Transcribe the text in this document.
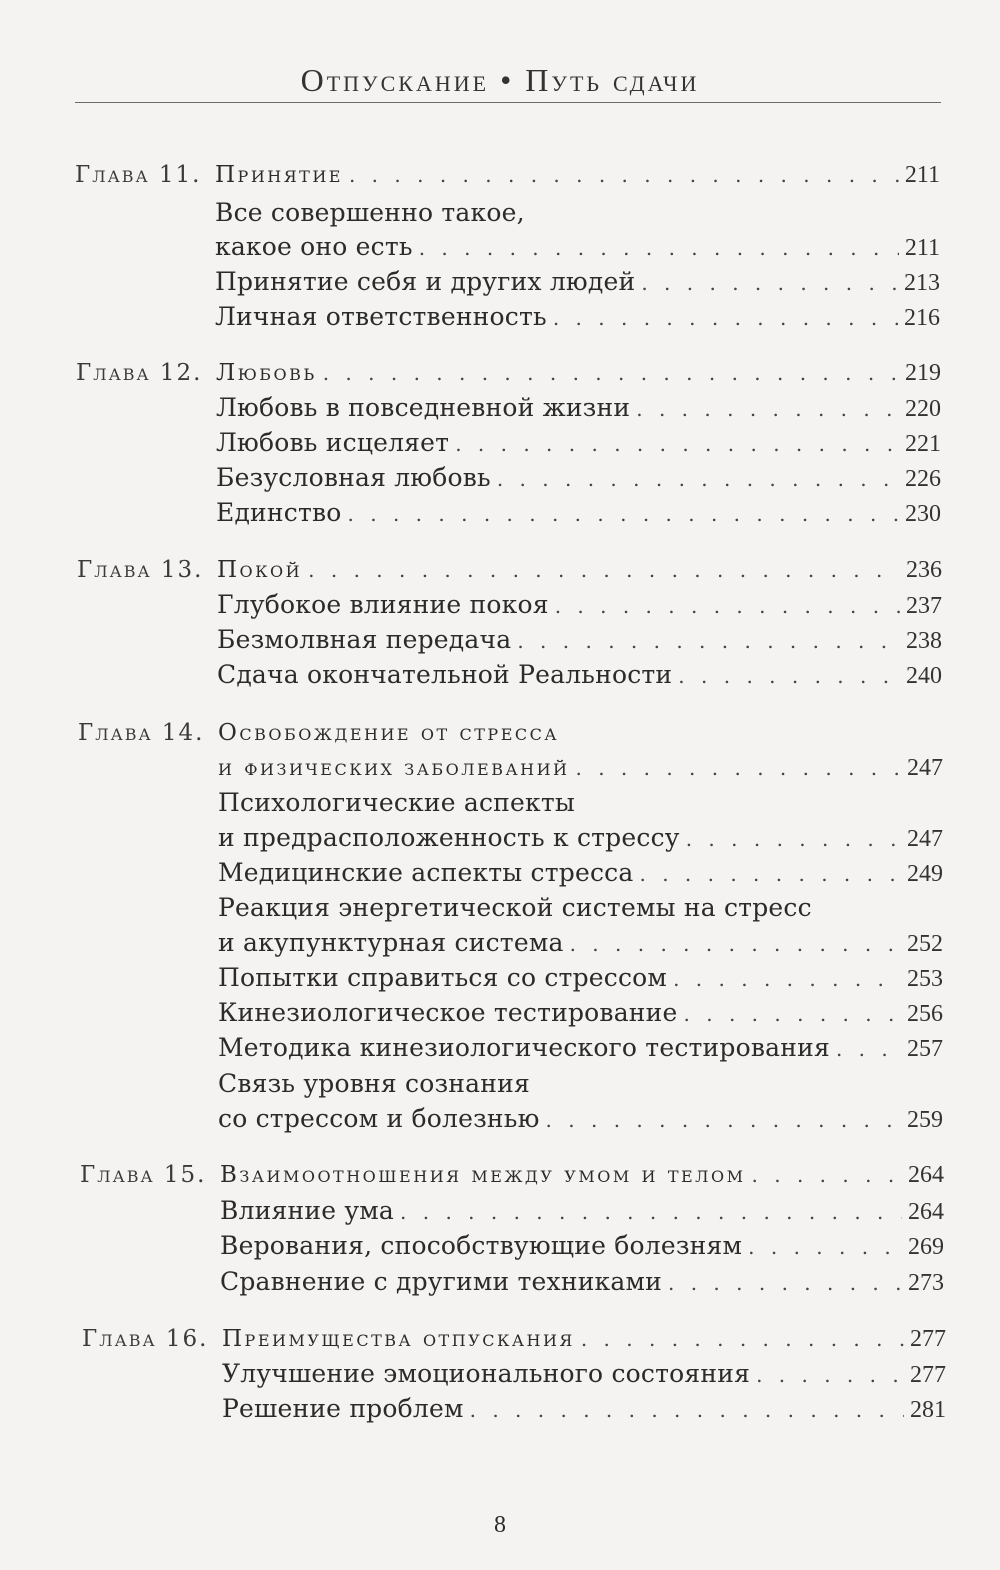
Отпускание • Путь сдачи
Глава 11. Принятие . . .	211
Все совершенно такое,
какое оно есть . . .	211
Принятие себя и других людей . . .	213
Личная ответственность . . .	216
Глава 12. Любовь . . .	219
Любовь в повседневной жизни . . .	220
Любовь исцеляет . . .	221
Безусловная любовь . . .	226
Единство . . .	230
Глава 13. Покой . . .	236
Глубокое влияние покоя . . .	237
Безмолвная передача . . .	238
Сдача окончательной Реальности . . .	240
Глава 14. Освобождение от стресса
и физических заболеваний . . .	247
Психологические аспекты
и предрасположенность к стрессу . . .	247
Медицинские аспекты стресса . . .	249
Реакция энергетической системы на стресс
и акупунктурная система . . .	252
Попытки справиться со стрессом . . .	253
Кинезиологическое тестирование . . .	256
Методика кинезиологического тестирования . . .	257
Связь уровня сознания
со стрессом и болезнью . . .	259
Глава 15. Взаимоотношения между умом и телом . . .	264
Влияние ума . . .	264
Верования, способствующие болезням . . .	269
Сравнение с другими техниками . . .	273
Глава 16. Преимущества отпускания . . .	277
Улучшение эмоционального состояния . . .	277
Решение проблем . . .	281
8
